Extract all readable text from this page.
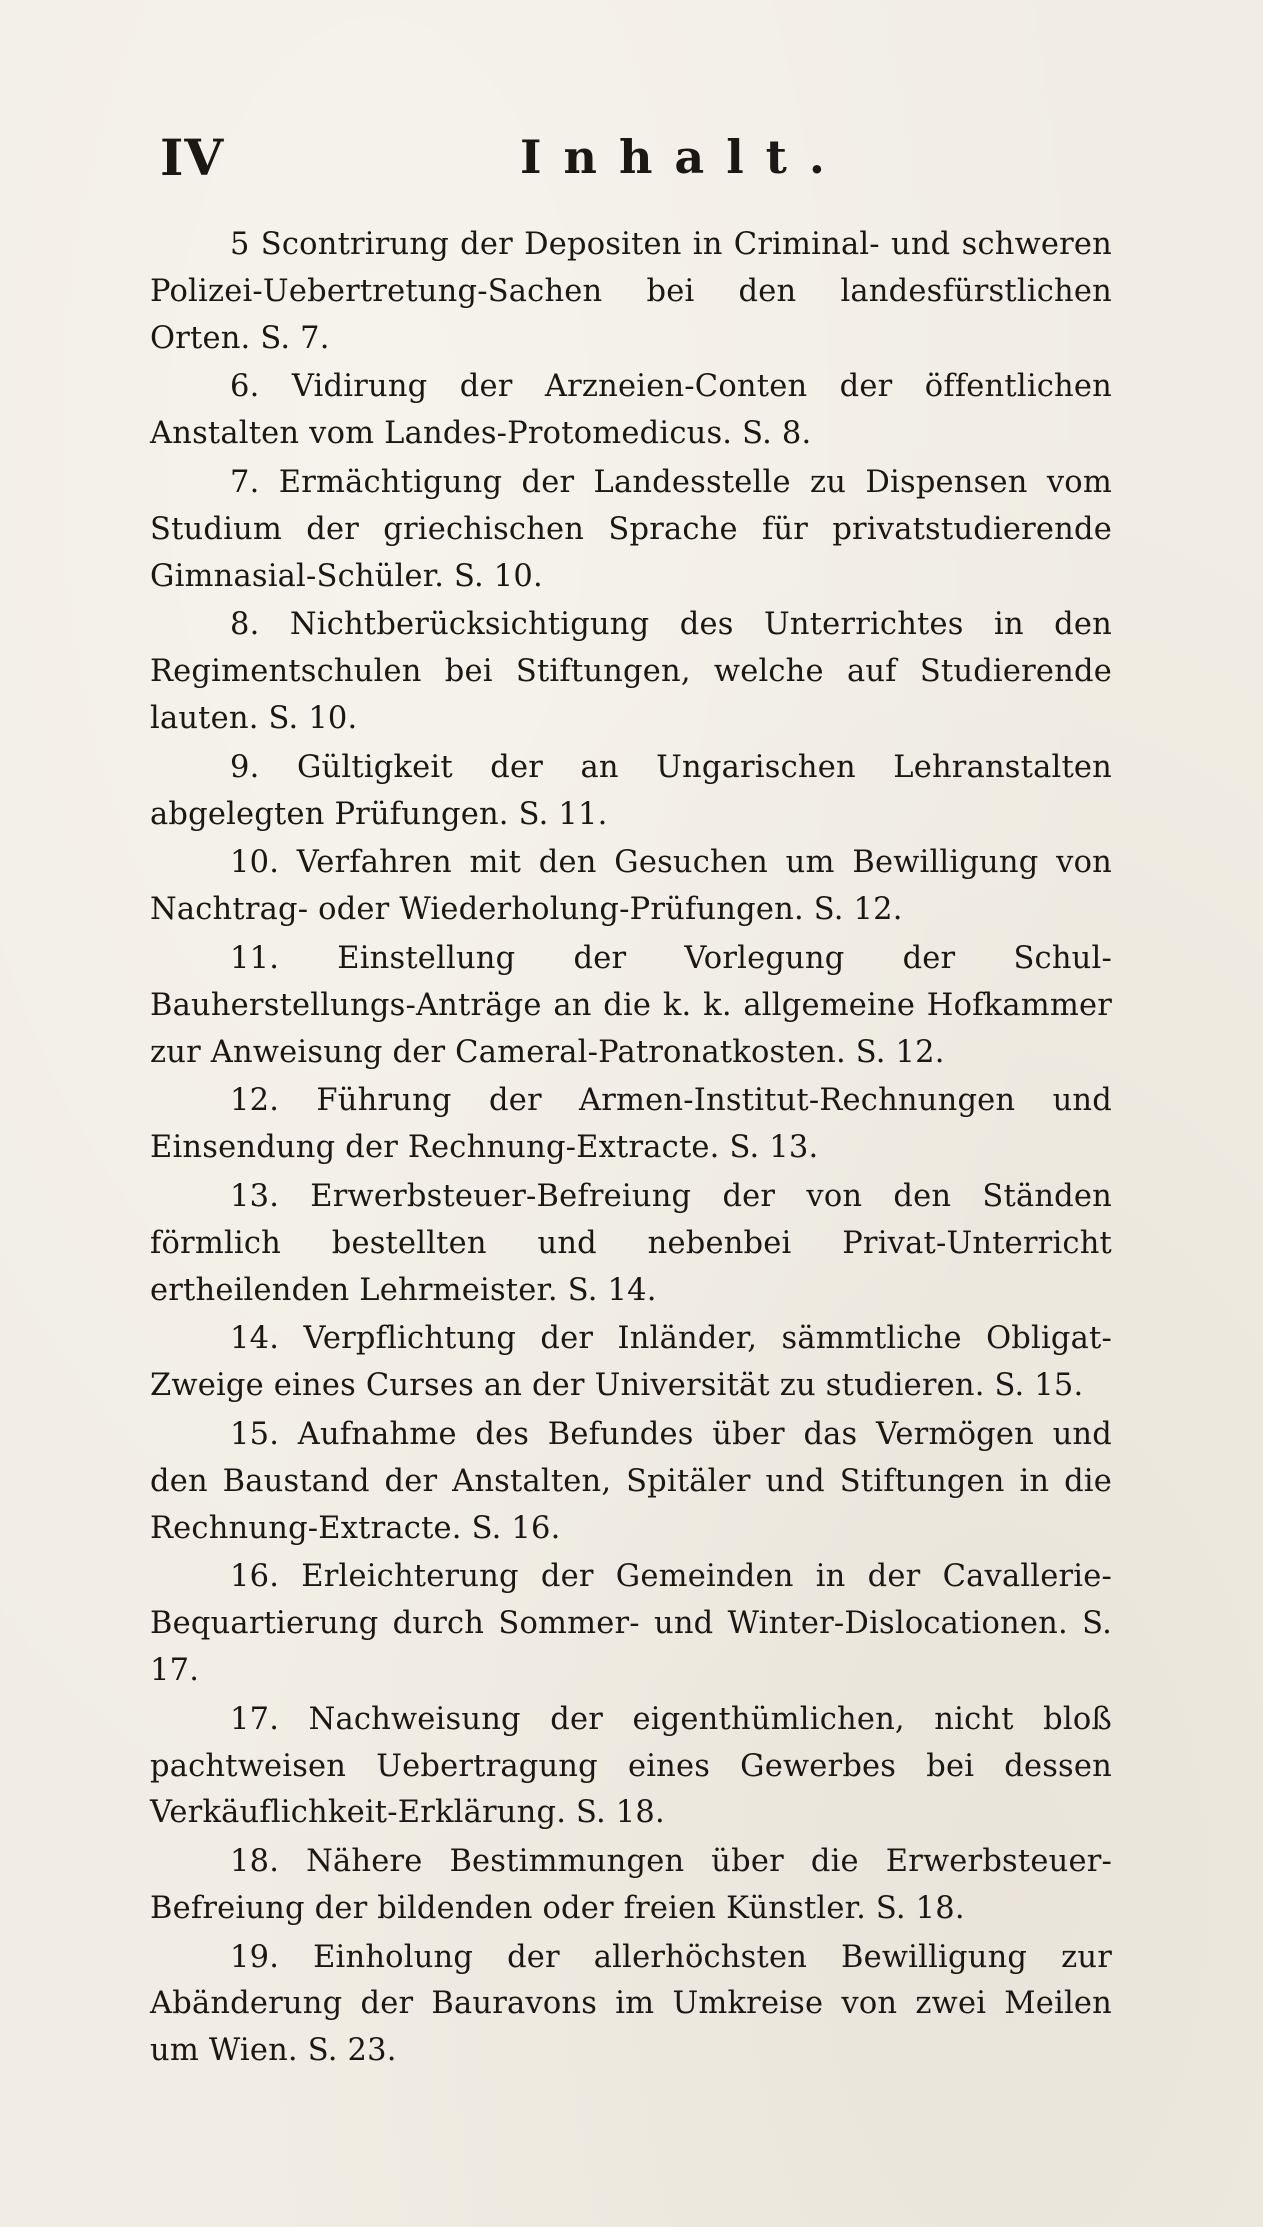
IV	Inhalt.

5 Scontrirung der Depositen in Criminal- und schweren Polizei-Uebertretung-Sachen bei den landesfürstlichen Orten. S. 7.

6. Vidirung der Arzneien-Conten der öffentlichen Anstalten vom Landes-Protomedicus. S. 8.

7. Ermächtigung der Landesstelle zu Dispensen vom Studium der griechischen Sprache für privatstudierende Gimnasial-Schüler. S. 10.

8. Nichtberücksichtigung des Unterrichtes in den Regimentschulen bei Stiftungen, welche auf Studierende lauten. S. 10.

9. Gültigkeit der an Ungarischen Lehranstalten abgelegten Prüfungen. S. 11.

10. Verfahren mit den Gesuchen um Bewilligung von Nachtrag- oder Wiederholung-Prüfungen. S. 12.

11. Einstellung der Vorlegung der Schul-Bauherstellungs-Anträge an die k. k. allgemeine Hofkammer zur Anweisung der Cameral-Patronatkosten. S. 12.

12. Führung der Armen-Institut-Rechnungen und Einsendung der Rechnung-Extracte. S. 13.

13. Erwerbsteuer-Befreiung der von den Ständen förmlich bestellten und nebenbei Privat-Unterricht ertheilenden Lehrmeister. S. 14.

14. Verpflichtung der Inländer, sämmtliche Obligat-Zweige eines Curses an der Universität zu studieren. S. 15.

15. Aufnahme des Befundes über das Vermögen und den Baustand der Anstalten, Spitäler und Stiftungen in die Rechnung-Extracte. S. 16.

16. Erleichterung der Gemeinden in der Cavallerie-Bequartierung durch Sommer- und Winter-Dislocationen. S. 17.

17. Nachweisung der eigenthümlichen, nicht bloß pachtweisen Uebertragung eines Gewerbes bei dessen Verkäuflichkeit-Erklärung. S. 18.

18. Nähere Bestimmungen über die Erwerbsteuer-Befreiung der bildenden oder freien Künstler. S. 18.

19. Einholung der allerhöchsten Bewilligung zur Abänderung der Bauravons im Umkreise von zwei Meilen um Wien. S. 23.
